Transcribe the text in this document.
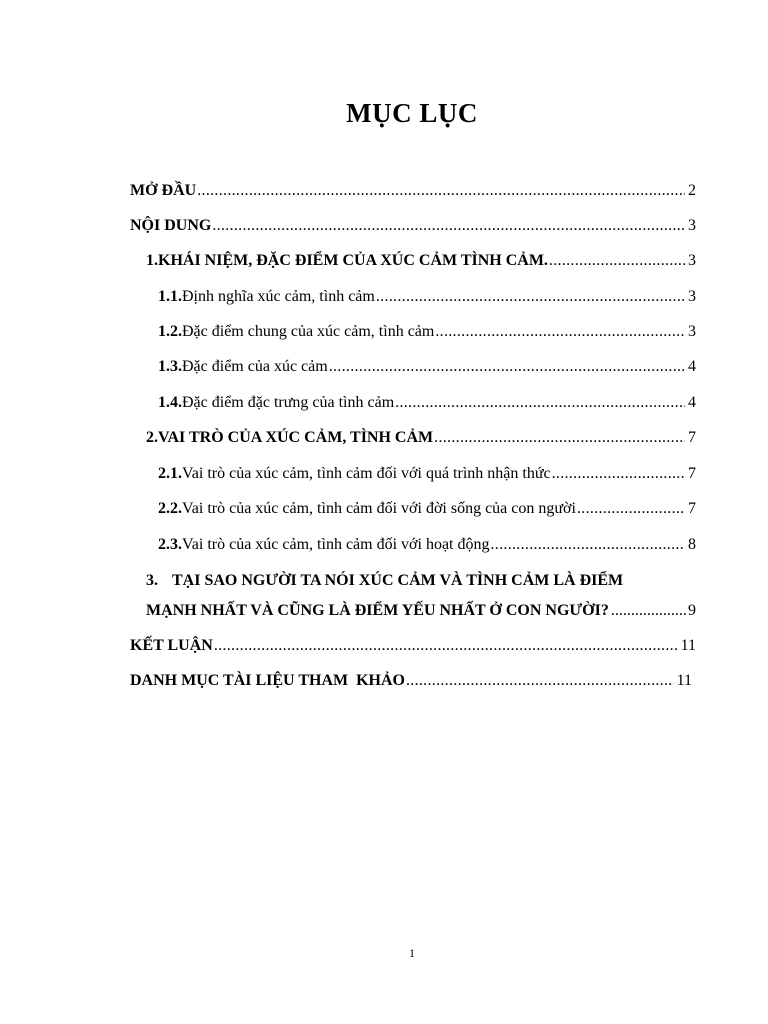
MỤC LỤC
MỞ ĐẦU .....	2
NỘI DUNG .....	3
1. KHÁI NIỆM, ĐẶC ĐIỂM CỦA XÚC CẢM TÌNH CẢM. .....	3
1.1. Định nghĩa xúc cảm, tình cảm .....	3
1.2. Đặc điểm chung của xúc cảm, tình cảm .....	3
1.3. Đặc điểm của xúc cảm .....	4
1.4. Đặc điểm đặc trưng của tình cảm .....	4
2. VAI TRÒ CỦA XÚC CẢM, TÌNH CẢM .....	7
2.1. Vai trò của xúc cảm, tình cảm đối với quá trình nhận thức .....	7
2.2. Vai trò của xúc cảm, tình cảm đối với đời sống của con người .....	7
2.3. Vai trò của xúc cảm, tình cảm đối với hoạt động .....	8
3. TẠI SAO NGƯỜI TA NÓI XÚC CẢM VÀ TÌNH CẢM LÀ ĐIỂM
MẠNH NHẤT VÀ CŨNG LÀ ĐIỂM YẾU NHẤT Ở CON NGƯỜI? .....	9
KẾT LUẬN .....	11
DANH MỤC TÀI LIỆU THAM  KHẢO .....	11
1
